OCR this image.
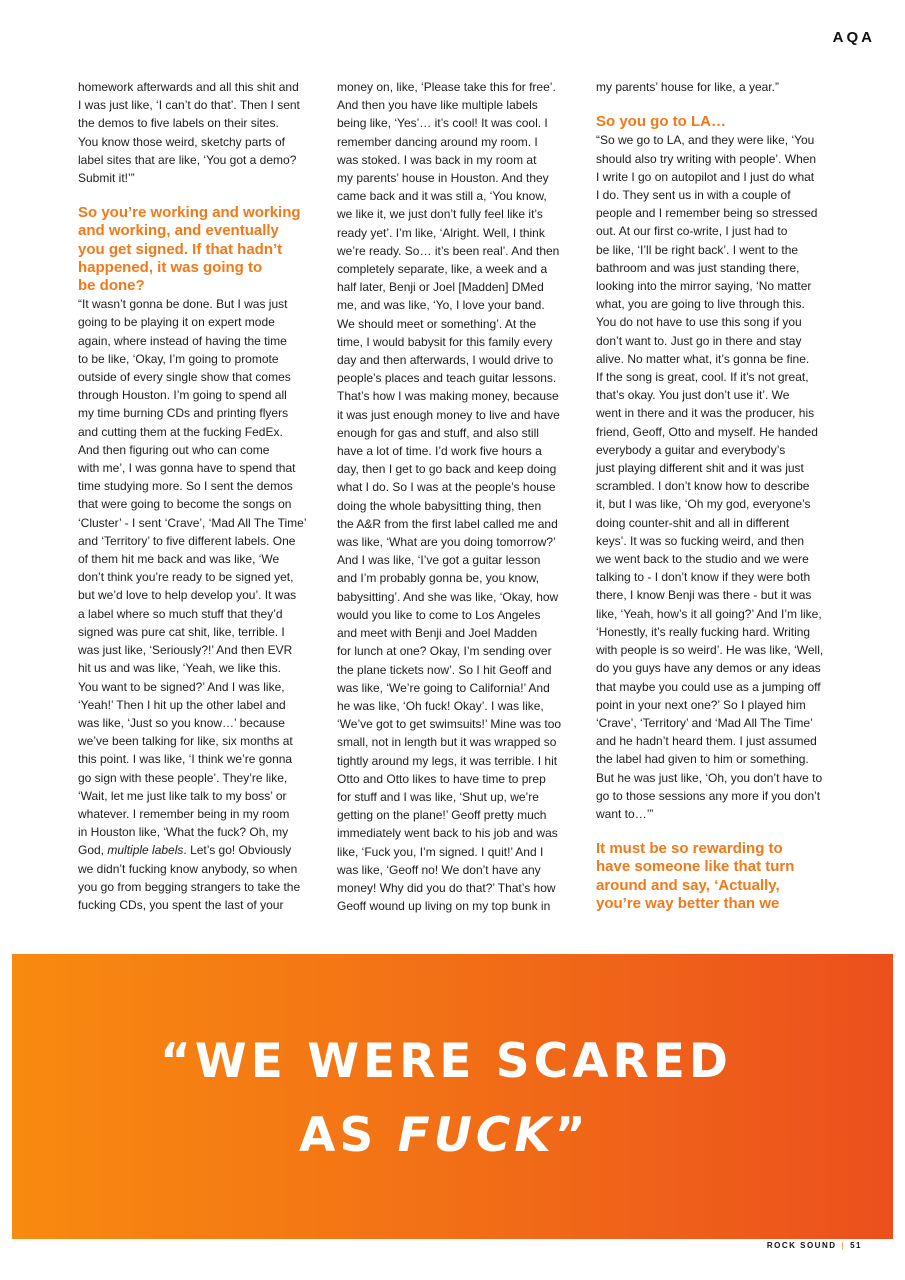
AQA

homework afterwards and all this shit and
I was just like, ‘I can’t do that’. Then I sent
the demos to five labels on their sites.
You know those weird, sketchy parts of
label sites that are like, ‘You got a demo?
Submit it!’”

So you’re working and working
and working, and eventually
you get signed. If that hadn’t
happened, it was going to
be done?

“It wasn’t gonna be done. But I was just
going to be playing it on expert mode
again, where instead of having the time
to be like, ‘Okay, I’m going to promote
outside of every single show that comes
through Houston. I’m going to spend all
my time burning CDs and printing flyers
and cutting them at the fucking FedEx.
And then figuring out who can come
with me’, I was gonna have to spend that
time studying more. So I sent the demos
that were going to become the songs on
‘Cluster’ - I sent ‘Crave’, ‘Mad All The Time’
and ‘Territory’ to five different labels. One
of them hit me back and was like, ‘We
don’t think you’re ready to be signed yet,
but we’d love to help develop you’. It was
a label where so much stuff that they’d
signed was pure cat shit, like, terrible. I
was just like, ‘Seriously?!’ And then EVR
hit us and was like, ‘Yeah, we like this.
You want to be signed?’ And I was like,
‘Yeah!’ Then I hit up the other label and
was like, ‘Just so you know…’ because
we’ve been talking for like, six months at
this point. I was like, ‘I think we’re gonna
go sign with these people’. They’re like,
‘Wait, let me just like talk to my boss’ or
whatever. I remember being in my room
in Houston like, ‘What the fuck? Oh, my
God, multiple labels. Let’s go! Obviously
we didn’t fucking know anybody, so when
you go from begging strangers to take the
fucking CDs, you spent the last of your

money on, like, ‘Please take this for free’.
And then you have like multiple labels
being like, ‘Yes’… it’s cool! It was cool. I
remember dancing around my room. I
was stoked. I was back in my room at
my parents’ house in Houston. And they
came back and it was still a, ‘You know,
we like it, we just don’t fully feel like it’s
ready yet’. I’m like, ‘Alright. Well, I think
we’re ready. So… it’s been real’. And then
completely separate, like, a week and a
half later, Benji or Joel [Madden] DMed
me, and was like, ‘Yo, I love your band.
We should meet or something’. At the
time, I would babysit for this family every
day and then afterwards, I would drive to
people’s places and teach guitar lessons.
That’s how I was making money, because
it was just enough money to live and have
enough for gas and stuff, and also still
have a lot of time. I’d work five hours a
day, then I get to go back and keep doing
what I do. So I was at the people’s house
doing the whole babysitting thing, then
the A&R from the first label called me and
was like, ‘What are you doing tomorrow?’
And I was like, ‘I’ve got a guitar lesson
and I’m probably gonna be, you know,
babysitting’. And she was like, ‘Okay, how
would you like to come to Los Angeles
and meet with Benji and Joel Madden
for lunch at one? Okay, I’m sending over
the plane tickets now’. So I hit Geoff and
was like, ‘We’re going to California!’ And
he was like, ‘Oh fuck! Okay’. I was like,
‘We’ve got to get swimsuits!’ Mine was too
small, not in length but it was wrapped so
tightly around my legs, it was terrible. I hit
Otto and Otto likes to have time to prep
for stuff and I was like, ‘Shut up, we’re
getting on the plane!’ Geoff pretty much
immediately went back to his job and was
like, ‘Fuck you, I’m signed. I quit!’ And I
was like, ‘Geoff no! We don’t have any
money! Why did you do that?’ That’s how
Geoff wound up living on my top bunk in

my parents’ house for like, a year.”

So you go to LA…

“So we go to LA, and they were like, ‘You
should also try writing with people’. When
I write I go on autopilot and I just do what
I do. They sent us in with a couple of
people and I remember being so stressed
out. At our first co-write, I just had to
be like, ‘I’ll be right back’. I went to the
bathroom and was just standing there,
looking into the mirror saying, ‘No matter
what, you are going to live through this.
You do not have to use this song if you
don’t want to. Just go in there and stay
alive. No matter what, it’s gonna be fine.
If the song is great, cool. If it’s not great,
that’s okay. You just don’t use it’. We
went in there and it was the producer, his
friend, Geoff, Otto and myself. He handed
everybody a guitar and everybody’s
just playing different shit and it was just
scrambled. I don’t know how to describe
it, but I was like, ‘Oh my god, everyone’s
doing counter-shit and all in different
keys’. It was so fucking weird, and then
we went back to the studio and we were
talking to - I don’t know if they were both
there, I know Benji was there - but it was
like, ‘Yeah, how’s it all going?’ And I’m like,
‘Honestly, it’s really fucking hard. Writing
with people is so weird’. He was like, ‘Well,
do you guys have any demos or any ideas
that maybe you could use as a jumping off
point in your next one?’ So I played him
‘Crave’, ‘Territory’ and ‘Mad All The Time’
and he hadn’t heard them. I just assumed
the label had given to him or something.
But he was just like, ‘Oh, you don’t have to
go to those sessions any more if you don’t
want to…’”

It must be so rewarding to
have someone like that turn
around and say, ‘Actually,
you’re way better than we

“WE WERE SCARED
AS FUCK”
ROCK SOUND | 51
